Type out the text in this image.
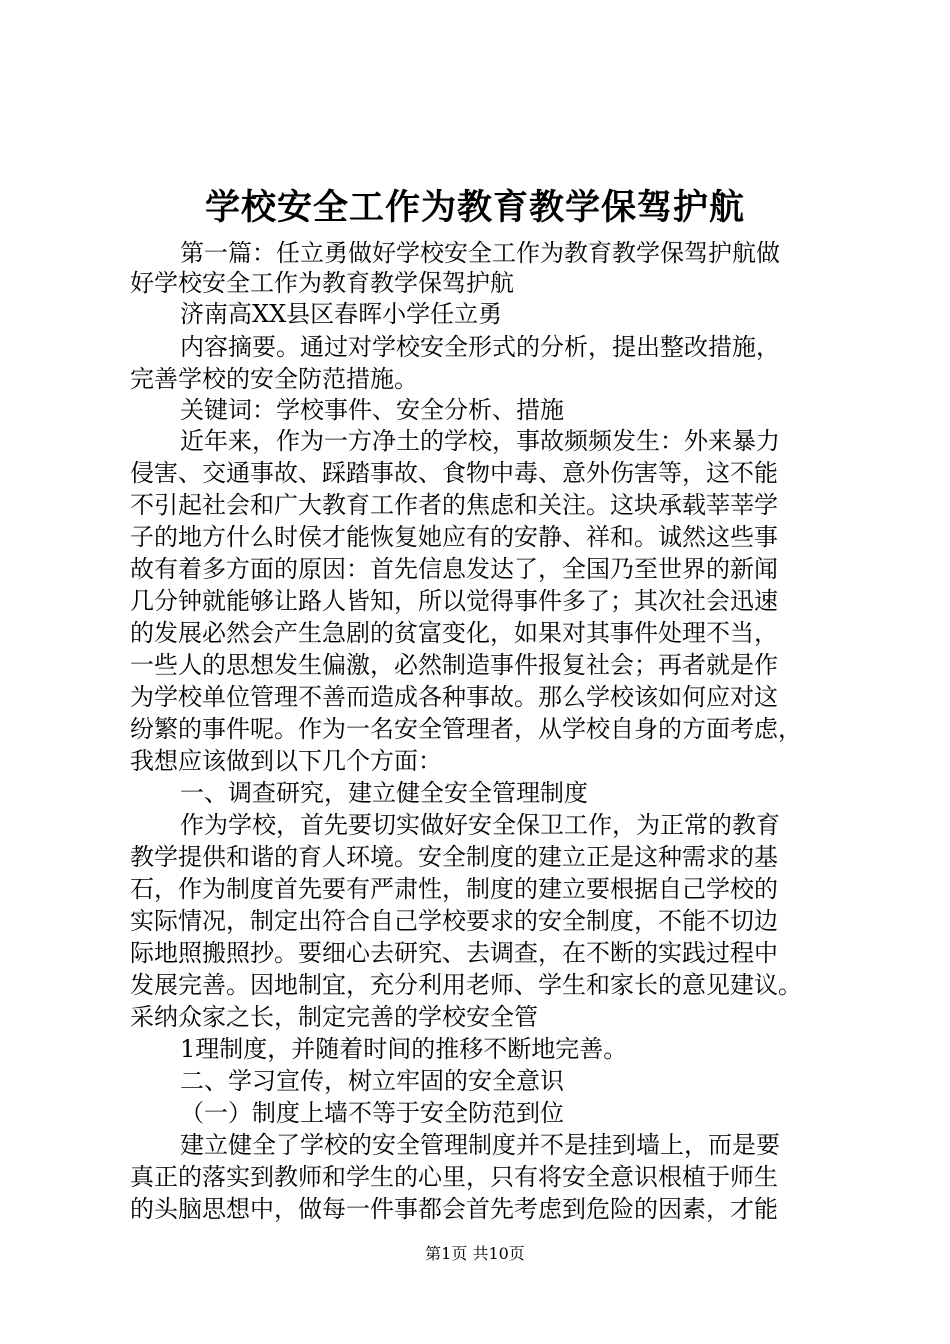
学校安全工作为教育教学保驾护航
第一篇：任立勇做好学校安全工作为教育教学保驾护航做
好学校安全工作为教育教学保驾护航
济南高XX县区春晖小学任立勇
内容摘要。通过对学校安全形式的分析，提出整改措施，
完善学校的安全防范措施。
关键词：学校事件、安全分析、措施
近年来，作为一方净土的学校，事故频频发生：外来暴力
侵害、交通事故、踩踏事故、食物中毒、意外伤害等，这不能
不引起社会和广大教育工作者的焦虑和关注。这块承载莘莘学
子的地方什么时侯才能恢复她应有的安静、祥和。诚然这些事
故有着多方面的原因：首先信息发达了，全国乃至世界的新闻
几分钟就能够让路人皆知，所以觉得事件多了；其次社会迅速
的发展必然会产生急剧的贫富变化，如果对其事件处理不当，
一些人的思想发生偏激，必然制造事件报复社会；再者就是作
为学校单位管理不善而造成各种事故。那么学校该如何应对这
纷繁的事件呢。作为一名安全管理者，从学校自身的方面考虑，
我想应该做到以下几个方面：
一、调查研究，建立健全安全管理制度
作为学校，首先要切实做好安全保卫工作，为正常的教育
教学提供和谐的育人环境。安全制度的建立正是这种需求的基
石，作为制度首先要有严肃性，制度的建立要根据自己学校的
实际情况，制定出符合自己学校要求的安全制度，不能不切边
际地照搬照抄。要细心去研究、去调查，在不断的实践过程中
发展完善。因地制宜，充分利用老师、学生和家长的意见建议。
采纳众家之长，制定完善的学校安全管
1理制度，并随着时间的推移不断地完善。
二、学习宣传，树立牢固的安全意识
（一）制度上墙不等于安全防范到位
建立健全了学校的安全管理制度并不是挂到墙上，而是要
真正的落实到教师和学生的心里，只有将安全意识根植于师生
的头脑思想中，做每一件事都会首先考虑到危险的因素，才能
第1页 共10页
